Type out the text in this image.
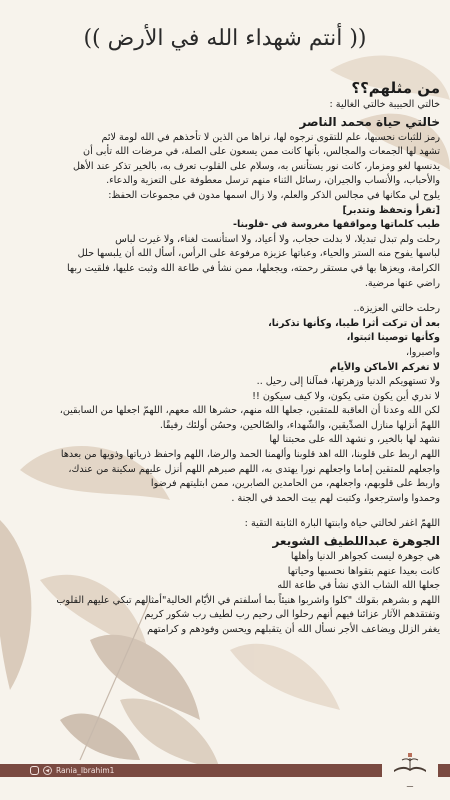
(( أنتم شهداء الله في الأرض ))

من مثلهم؟؟

خالتي الحبيبة خالتي الغالية :

خالتي حياة محمد الناصر

رمز للثبات نحسبها، علم للتقوى نرجوه لها، نراها من الذين لا تأخذهم في الله لومة لائم

تشهد لها الجمعات والمجالس، بأنها كانت ممن يسعون على الصلة، في مرضات الله تأبى أن

يدنسها لغو ومزمار، كانت نور يستأنس به، وسلام على القلوب تعرف به، بالخير تذكر عند الأهل

والأحباب، والأنساب والجيران، رسائل الثناء منهم ترسل معطوفة على التعزية والدعاء.

يلوح لي مكانها في مجالس الذكر والعلم، ولا زال اسمها مدون في مجموعات الحفظ:

[تقرأ وتحفظ وتتدبر]

طيب كلماتها ومواقفها مغروسة في -قلوبنا-

رحلت ولم تبدل تبديلا، لا بدلت حجاب، ولا أعياد، ولا استأنست لغناء، ولا غيرت لباس

لباسها يفوح منه الستر والحياء، وعباتها عزيزة مرفوعة على الرأس، أسأل الله أن يلبسها حلل

الكرامة، ويعزها بها في مستقر رحمته، ويجعلها، ممن نشأ في طاعة الله وثبت عليها، فلقيت ربها

راضي عنها مرضية.

رحلت خالتي العزيزة..

بعد أن تركت أثرا طيبا، وكأنها تذكرنا،

وكأنها توصينا اثبتوا،

واصبروا،

لا تغركم الأماكن والأيام

ولا تستهويكم الدنيا وزهرتها، فمآلنا إلى رحيل ..

لا ندري أين يكون متى يكون، ولا كيف سيكون !!

لكن الله وعدنا أن العاقبة للمتقين، جعلها الله منهم، حشرها الله معهم، اللهمّ اجعلها من السابقين،

اللهمّ أنزلها منازل الصدِّيقين، والشّهداء، والصّالحين، وحسُن أولئك رفيقًا.

نشهد لها بالخير، و نشهد الله على محبتنا لها

اللهم اربط على قلوبنا، الله اهد قلوبنا وألهمنا الحمد والرضا، اللهم واحفظ ذرياتها وذويها من بعدها

واجعلهم للمتقين إماما واجعلهم نورا يهتدى به، اللهم صبرهم اللهم أنزل عليهم سكينة من عندك،

واربط على قلوبهم، واجعلهم، من الحامدين الصابرين، ممن ابتليتهم فرضوا

وحمدوا واسترجعوا، وكتبت لهم بيت الحمد في الجنة .

اللهمّ اغفر لخالتي حياة وابنتها البارة الثابتة التقية :

الجوهرة عبداللطيف الشويعر

هي جوهرة ليست كجواهر الدنيا وأهلها

كانت بعيدا عنهم بتقواها نحسبها وحياتها

جعلها الله الشاب الذي نشأ في طاعة الله

اللهم و بشرهم بقولك "كلوا واشربوا هنيئاً بما أسلفتم في الأيّام الخالية"أمثالهم تبكي عليهم القلوب

وتفتقدهم الآثار عزائنا فيهم أنهم رحلوا الى رحيم رب لطيف رب شكور كريم

يغفر الزلل ويضاعف الأجر نسأل الله أن يتقبلهم ويحسن وفودهم و كرامتهم

Rania_Ibrahim1
ـــ
